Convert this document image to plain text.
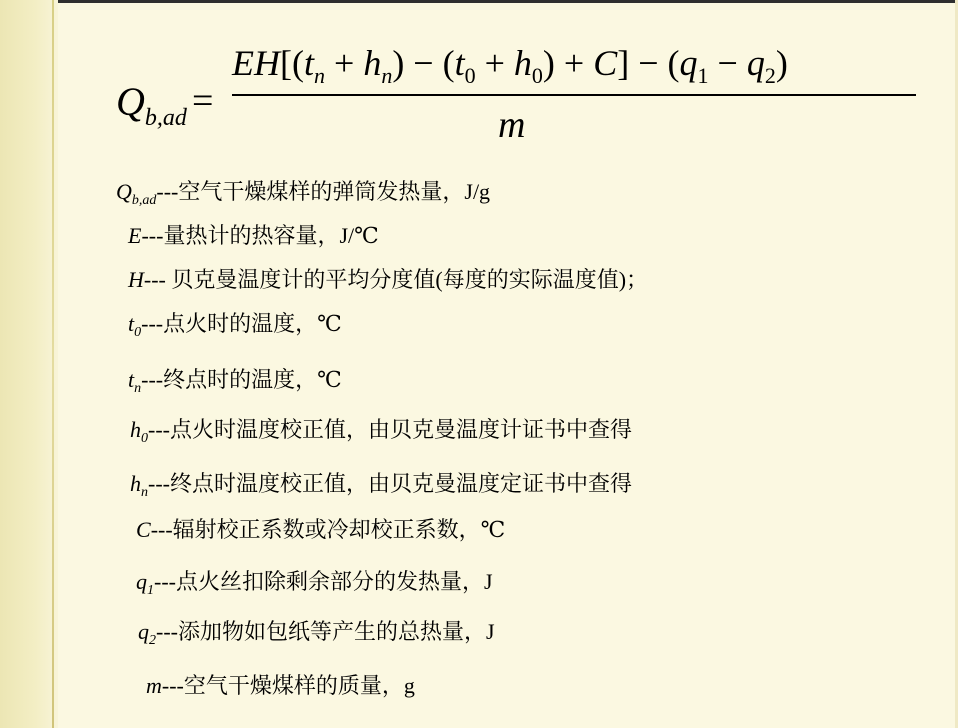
$Q_{b,ad}$ =
$EH[(t_n + h_n) - (t_0 + h_0) + C] - (q_1 - q_2)$
m
$Q_{b,ad}---$空气干燥煤样的弹筒发热量，J/g
E---量热计的热容量，J/℃
H--- 贝克曼温度计的平均分度值(每度的实际温度值)；
$t_0---$点火时的温度，℃
$t_n---$终点时的温度，℃
$h_0---$点火时温度校正值，由贝克曼温度计证书中查得
$h_n---$终点时温度校正值，由贝克曼温度定证书中查得
C---辐射校正系数或冷却校正系数，℃
$q_1---$点火丝扣除剩余部分的发热量，J
$q_2---$添加物如包纸等产生的总热量，J
m---空气干燥煤样的质量，g
